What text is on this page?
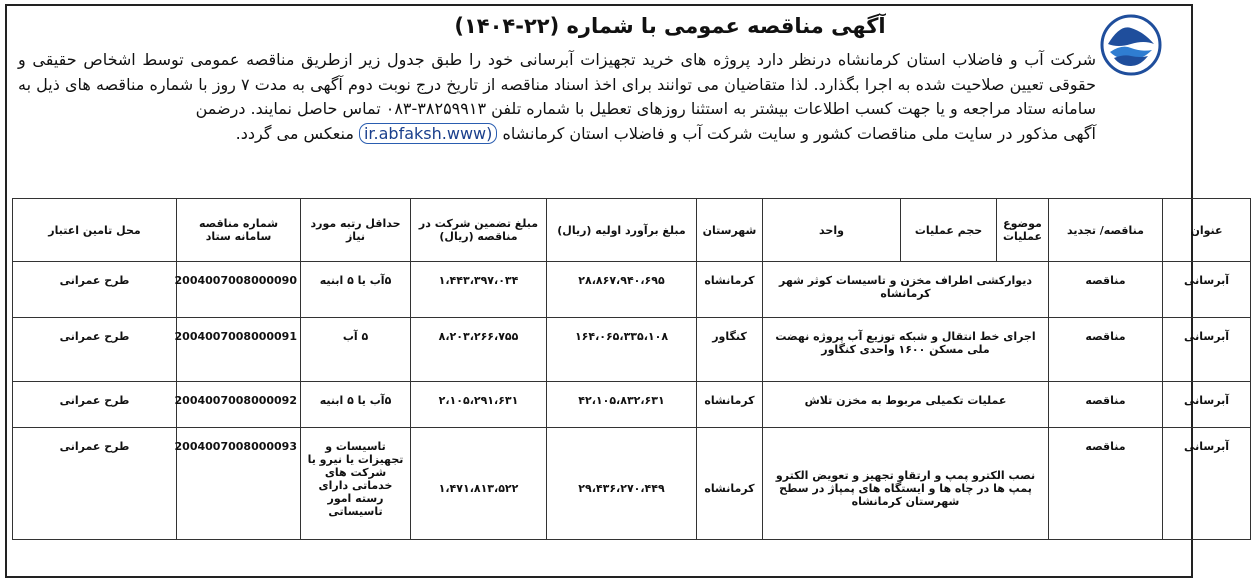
آگهی مناقصه عمومی با شماره (۲۲-۱۴۰۴)
شرکت آب و فاضلاب استان کرمانشاه درنظر دارد پروژه های خرید تجهیزات آبرسانی خود را طبق جدول زیر ازطریق مناقصه عمومی توسط اشخاص حقیقی و حقوقی تعیین صلاحیت شده به اجرا بگذارد. لذا متقاضیان می توانند برای اخذ اسناد مناقصه از تاریخ درج نوبت دوم آگهی به مدت ۷ روز با شماره مناقصه های ذیل به سامانه ستاد مراجعه و یا جهت کسب اطلاعات بیشتر به استثنا روزهای تعطیل با شماره تلفن ۳۸۲۵۹۹۱۳-۰۸۳ تماس حاصل نمایند. درضمن
آگهی مذکور در سایت ملی مناقصات کشور و سایت شرکت آب و فاضلاب استان کرمانشاه (ir.abfaksh.www منعکس می گردد.
عنوان	مناقصه/ تجدید	موضوع عملیات	حجم عملیات	واحد	شهرستان	مبلغ برآورد اولیه (ریال)	مبلغ تضمین شرکت در مناقصه (ریال)	حداقل رتبه مورد نیاز	شماره مناقصه سامانه ستاد	محل تامین اعتبار
آبرسانی	مناقصه	دیوارکشی اطراف مخزن و تاسیسات کوثر شهر کرمانشاه			کرمانشاه	۲۸،۸۶۷،۹۴۰،۶۹۵	۱،۴۴۳،۳۹۷،۰۳۴	۵آب یا ۵ ابنیه	2004007008000090	طرح عمرانی
آبرسانی	مناقصه	اجرای خط انتقال و شبکه توزیع آب پروژه نهضت ملی مسکن ۱۶۰۰ واحدی کنگاور			کنگاور	۱۶۴،۰۶۵،۳۳۵،۱۰۸	۸،۲۰۳،۲۶۶،۷۵۵	۵ آب	2004007008000091	طرح عمرانی
آبرسانی	مناقصه	عملیات تکمیلی مربوط به مخزن تلاش			کرمانشاه	۴۲،۱۰۵،۸۳۲،۶۳۱	۲،۱۰۵،۲۹۱،۶۳۱	۵آب یا ۵ ابنیه	2004007008000092	طرح عمرانی
آبرسانی	مناقصه	نصب الکترو پمپ و ارتقاو تجهیز و تعویض الکترو پمپ ها در چاه ها و ایستگاه های پمپاژ در سطح شهرستان کرمانشاه			کرمانشاه	۲۹،۴۳۶،۲۷۰،۴۴۹	۱،۴۷۱،۸۱۳،۵۲۲	تاسیسات و تجهیزات یا نیرو یا شرکت های خدماتی دارای رسته امور تاسیساتی	2004007008000093	طرح عمرانی
